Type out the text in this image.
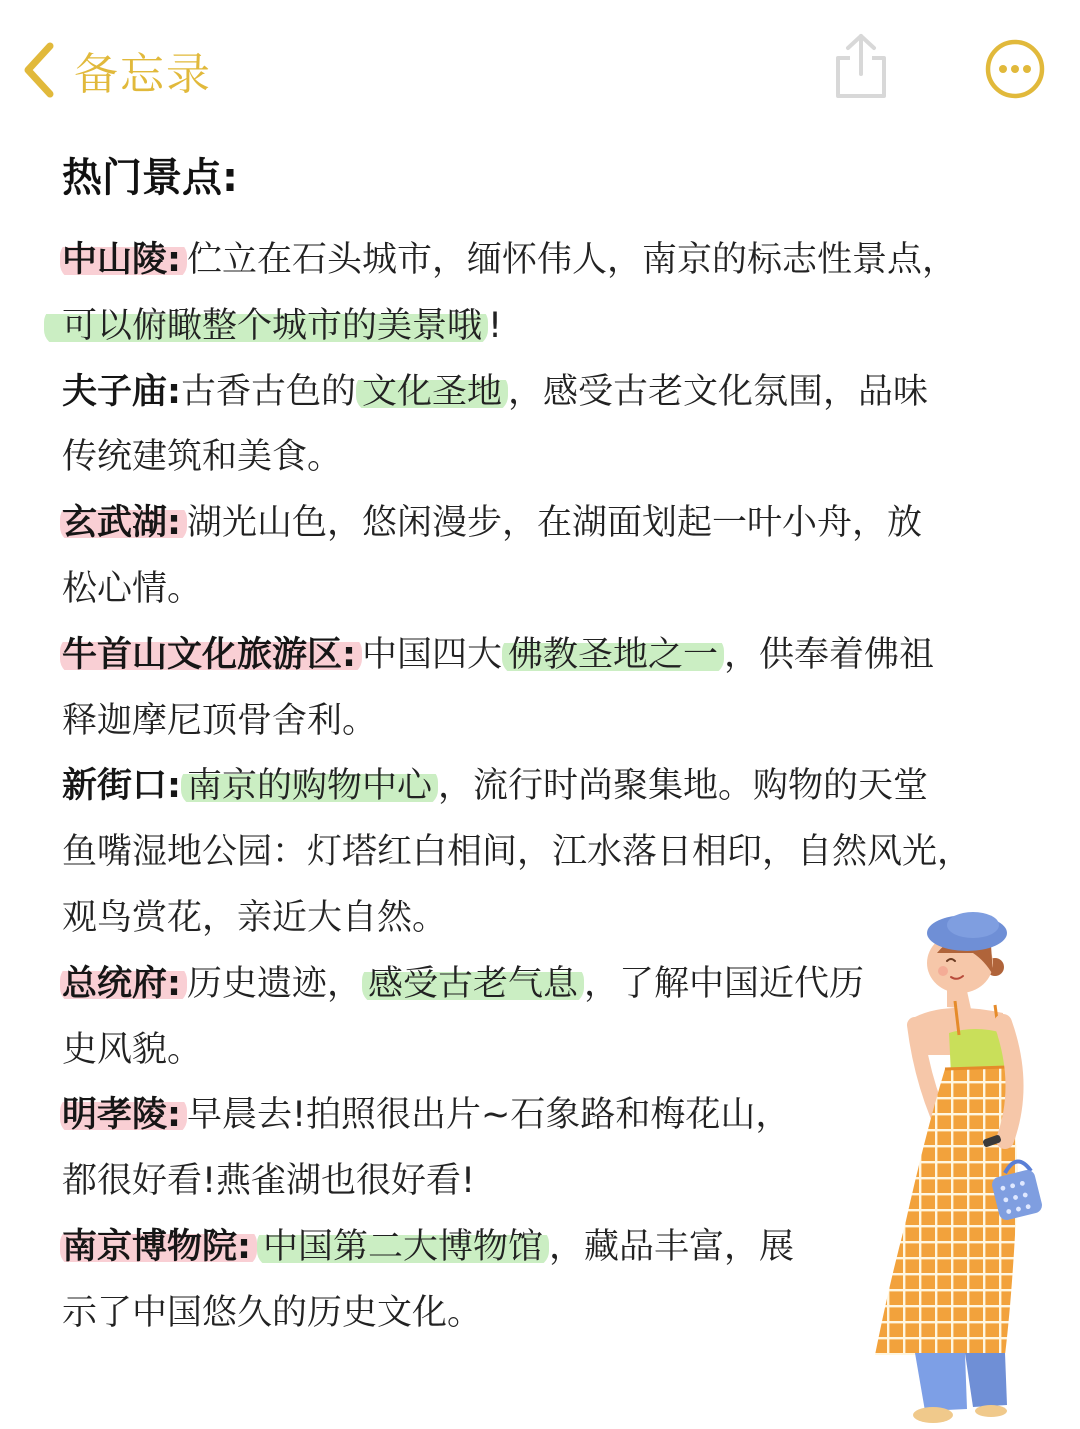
备忘录
热门景点:
中山陵: 伫立在石头城市，缅怀伟人，南京的标志性景点，
可以俯瞰整个城市的美景哦 !
夫子庙:古香古色的 文化圣地 ，感受古老文化氛围，品味
传统建筑和美食。
玄武湖: 湖光山色，悠闲漫步，在湖面划起一叶小舟，放
松心情。
牛首山文化旅游区: 中国四大 佛教圣地之一 ，供奉着佛祖
释迦摩尼顶骨舍利。
新街口: 南京的购物中心 ，流行时尚聚集地。购物的天堂
鱼嘴湿地公园：灯塔红白相间，江水落日相印，自然风光，
观鸟赏花，亲近大自然。
总统府: 历史遗迹， 感受古老气息 ，了解中国近代历
史风貌。
明孝陵: 早晨去!拍照很出片~石象路和梅花山，
都很好看!燕雀湖也很好看!
南京博物院: 中国第二大博物馆 ，藏品丰富，展
示了中国悠久的历史文化。
